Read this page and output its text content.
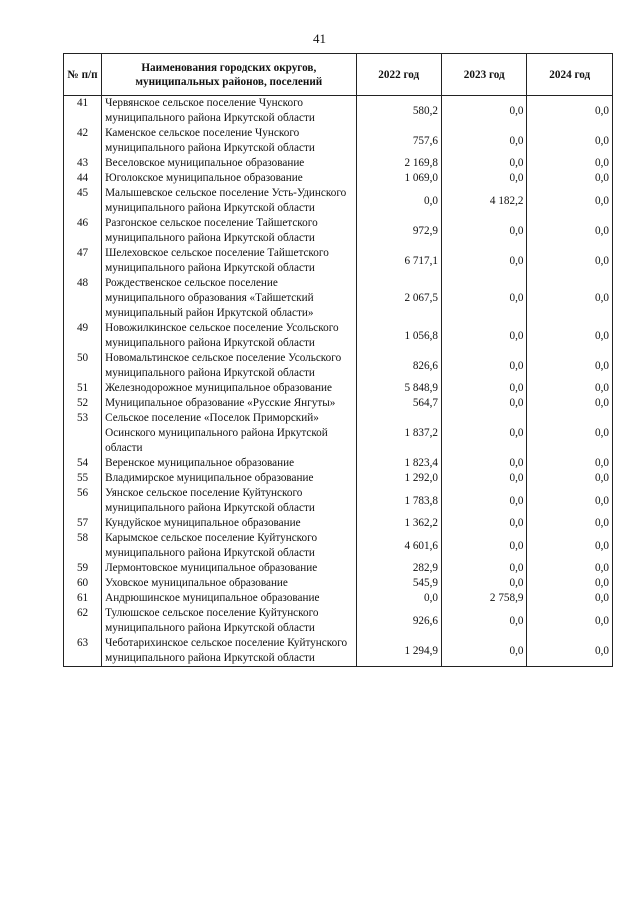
41
№ п/п	Наименования городских округов, муниципальных районов, поселений	2022 год	2023 год	2024 год
41	Червянское сельское поселение Чунского муниципального района Иркутской области	580,2	0,0	0,0
42	Каменское сельское поселение Чунского муниципального района Иркутской области	757,6	0,0	0,0
43	Веселовское муниципальное образование	2 169,8	0,0	0,0
44	Юголокское муниципальное образование	1 069,0	0,0	0,0
45	Малышевское сельское поселение Усть-Удинского муниципального района Иркутской области	0,0	4 182,2	0,0
46	Разгонское сельское поселение Тайшетского муниципального района Иркутской области	972,9	0,0	0,0
47	Шелеховское сельское поселение Тайшетского муниципального района Иркутской области	6 717,1	0,0	0,0
48	Рождественское сельское поселение муниципального образования «Тайшетский муниципальный район Иркутской области»	2 067,5	0,0	0,0
49	Новожилкинское сельское поселение Усольского муниципального района Иркутской области	1 056,8	0,0	0,0
50	Новомальтинское сельское поселение Усольского муниципального района Иркутской области	826,6	0,0	0,0
51	Железнодорожное муниципальное образование	5 848,9	0,0	0,0
52	Муниципальное образование «Русские Янгуты»	564,7	0,0	0,0
53	Сельское поселение «Поселок Приморский» Осинского муниципального района Иркутской области	1 837,2	0,0	0,0
54	Веренское муниципальное образование	1 823,4	0,0	0,0
55	Владимирское муниципальное образование	1 292,0	0,0	0,0
56	Уянское сельское поселение Куйтунского муниципального района Иркутской области	1 783,8	0,0	0,0
57	Кундуйское муниципальное образование	1 362,2	0,0	0,0
58	Карымское сельское поселение Куйтунского муниципального района Иркутской области	4 601,6	0,0	0,0
59	Лермонтовское муниципальное образование	282,9	0,0	0,0
60	Уховское муниципальное образование	545,9	0,0	0,0
61	Андрюшинское муниципальное образование	0,0	2 758,9	0,0
62	Тулюшское сельское поселение Куйтунского муниципального района Иркутской области	926,6	0,0	0,0
63	Чеботарихинское сельское поселение Куйтунского муниципального района Иркутской области	1 294,9	0,0	0,0
